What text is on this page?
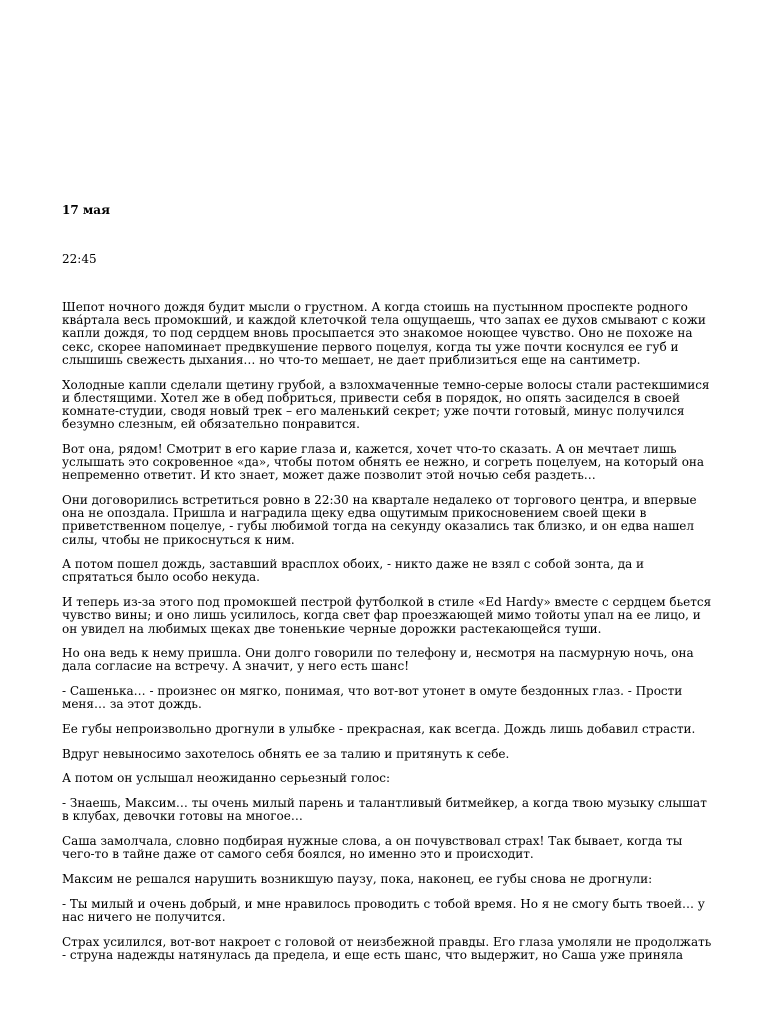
17 мая

22:45

Шепот ночного дождя будит мысли о грустном. А когда стоишь на пустынном проспекте родного ква́ртала весь промокший, и каждой клеточкой тела ощущаешь, что запах ее духов смывают с кожи капли дождя, то под сердцем вновь просыпается это знакомое ноющее чувство. Оно не похоже на секс, скорее напоминает предвкушение первого поцелуя, когда ты уже почти коснулся ее губ и слышишь свежесть дыхания… но что-то мешает, не дает приблизиться еще на сантиметр.

Холодные капли сделали щетину грубой, а взлохмаченные темно-серые волосы стали растекшимися и блестящими. Хотел же в обед побриться, привести себя в порядок, но опять засиделся в своей комнате-студии, сводя новый трек – его маленький секрет; уже почти готовый, минус получился безумно слезным, ей обязательно понравится.

Вот она, рядом! Смотрит в его карие глаза и, кажется, хочет что-то сказать. А он мечтает лишь услышать это сокровенное «да», чтобы потом обнять ее нежно, и согреть поцелуем, на который она непременно ответит. И кто знает, может даже позволит этой ночью себя раздеть…

Они договорились встретиться ровно в 22:30 на квартале недалеко от торгового центра, и впервые она не опоздала. Пришла и наградила щеку едва ощутимым прикосновением своей щеки в приветственном поцелуе, - губы любимой тогда на секунду оказались так близко, и он едва нашел силы, чтобы не прикоснуться к ним.

А потом пошел дождь, заставший врасплох обоих, - никто даже не взял с собой зонта, да и спрятаться было особо некуда.

И теперь из-за этого под промокшей пестрой футболкой в стиле «Ed Hardy» вместе с сердцем бьется чувство вины; и оно лишь усилилось, когда свет фар проезжающей мимо тойоты упал на ее лицо, и он увидел на любимых щеках две тоненькие черные дорожки растекающейся туши.

Но она ведь к нему пришла. Они долго говорили по телефону и, несмотря на пасмурную ночь, она дала согласие на встречу. А значит, у него есть шанс!

- Сашенька… - произнес он мягко, понимая, что вот-вот утонет в омуте бездонных глаз. - Прости меня… за этот дождь.

Ее губы непроизвольно дрогнули в улыбке - прекрасная, как всегда. Дождь лишь добавил страсти.

Вдруг невыносимо захотелось обнять ее за талию и притянуть к себе.

А потом он услышал неожиданно серьезный голос:

- Знаешь, Максим… ты очень милый парень и талантливый битмейкер, а когда твою музыку слышат в клубах, девочки готовы на многое…

Саша замолчала, словно подбирая нужные слова, а он почувствовал страх! Так бывает, когда ты чего-то в тайне даже от самого себя боялся, но именно это и происходит.

Максим не решался нарушить возникшую паузу, пока, наконец, ее губы снова не дрогнули:

- Ты милый и очень добрый, и мне нравилось проводить с тобой время. Но я не смогу быть твоей… у нас ничего не получится.

Страх усилился, вот-вот накроет с головой от неизбежной правды. Его глаза умоляли не продолжать - струна надежды натянулась да предела, и еще есть шанс, что выдержит, но Саша уже приняла
